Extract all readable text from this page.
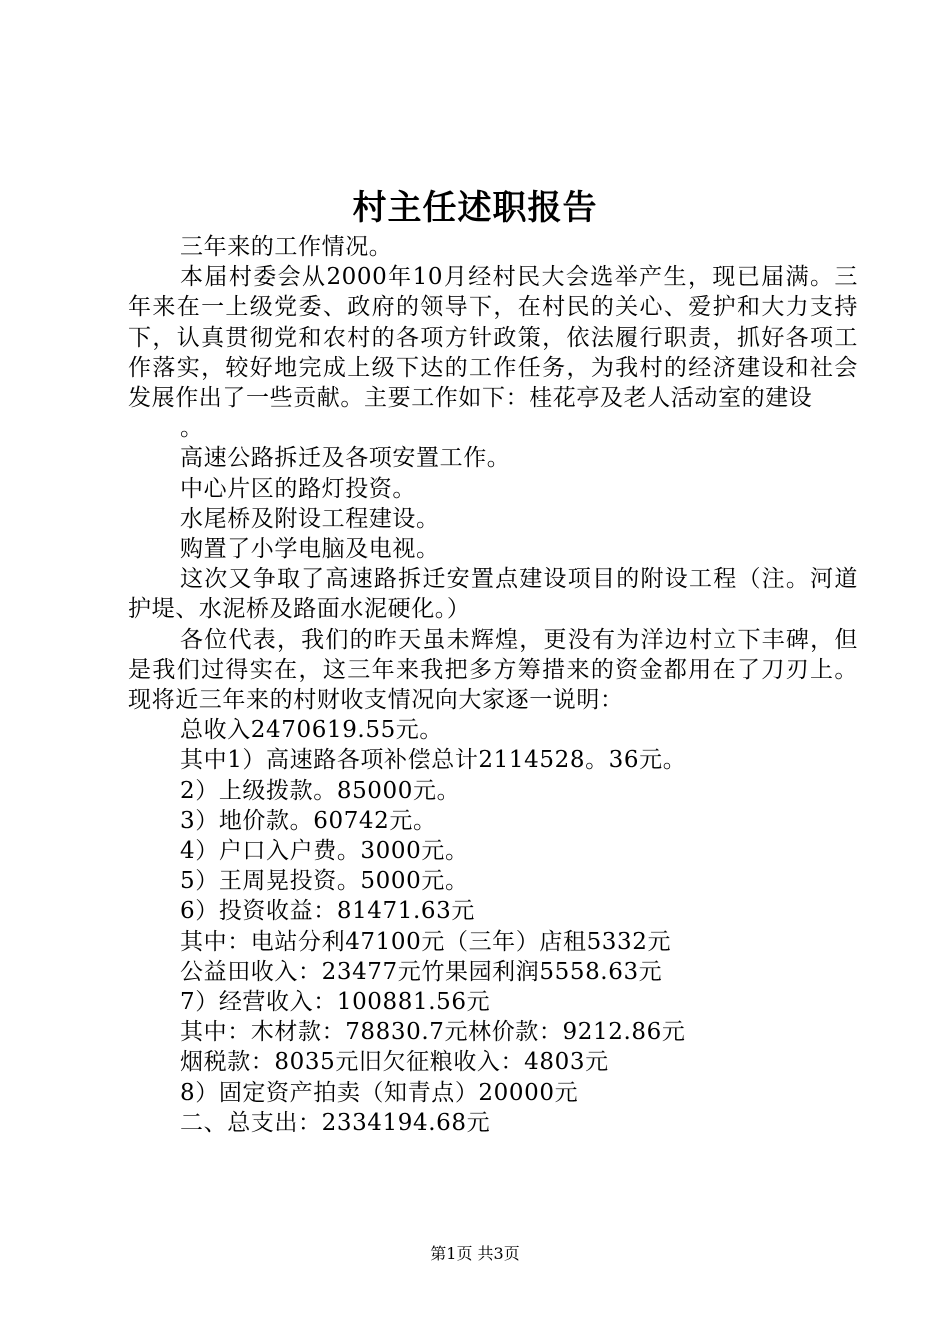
村主任述职报告

三年来的工作情况。

本届村委会从2000年10月经村民大会选举产生，现已届满。三年来在一上级党委、政府的领导下，在村民的关心、爱护和大力支持下，认真贯彻党和农村的各项方针政策，依法履行职责，抓好各项工作落实，较好地完成上级下达的工作任务，为我村的经济建设和社会发展作出了一些贡献。主要工作如下：桂花亭及老人活动室的建设

。

高速公路拆迁及各项安置工作。

中心片区的路灯投资。

水尾桥及附设工程建设。

购置了小学电脑及电视。

这次又争取了高速路拆迁安置点建设项目的附设工程（注。河道护堤、水泥桥及路面水泥硬化。）

各位代表，我们的昨天虽未辉煌，更没有为洋边村立下丰碑，但是我们过得实在，这三年来我把多方筹措来的资金都用在了刀刃上。现将近三年来的村财收支情况向大家逐一说明：

总收入2470619.55元。

其中1）高速路各项补偿总计2114528。36元。

2）上级拨款。85000元。

3）地价款。60742元。

4）户口入户费。3000元。

5）王周晃投资。5000元。

6）投资收益：81471.63元

其中：电站分利47100元（三年）店租5332元

公益田收入：23477元竹果园利润5558.63元

7）经营收入：100881.56元

其中：木材款：78830.7元林价款：9212.86元

烟税款：8035元旧欠征粮收入：4803元

8）固定资产拍卖（知青点）20000元

二、总支出：2334194.68元

第1页 共3页
